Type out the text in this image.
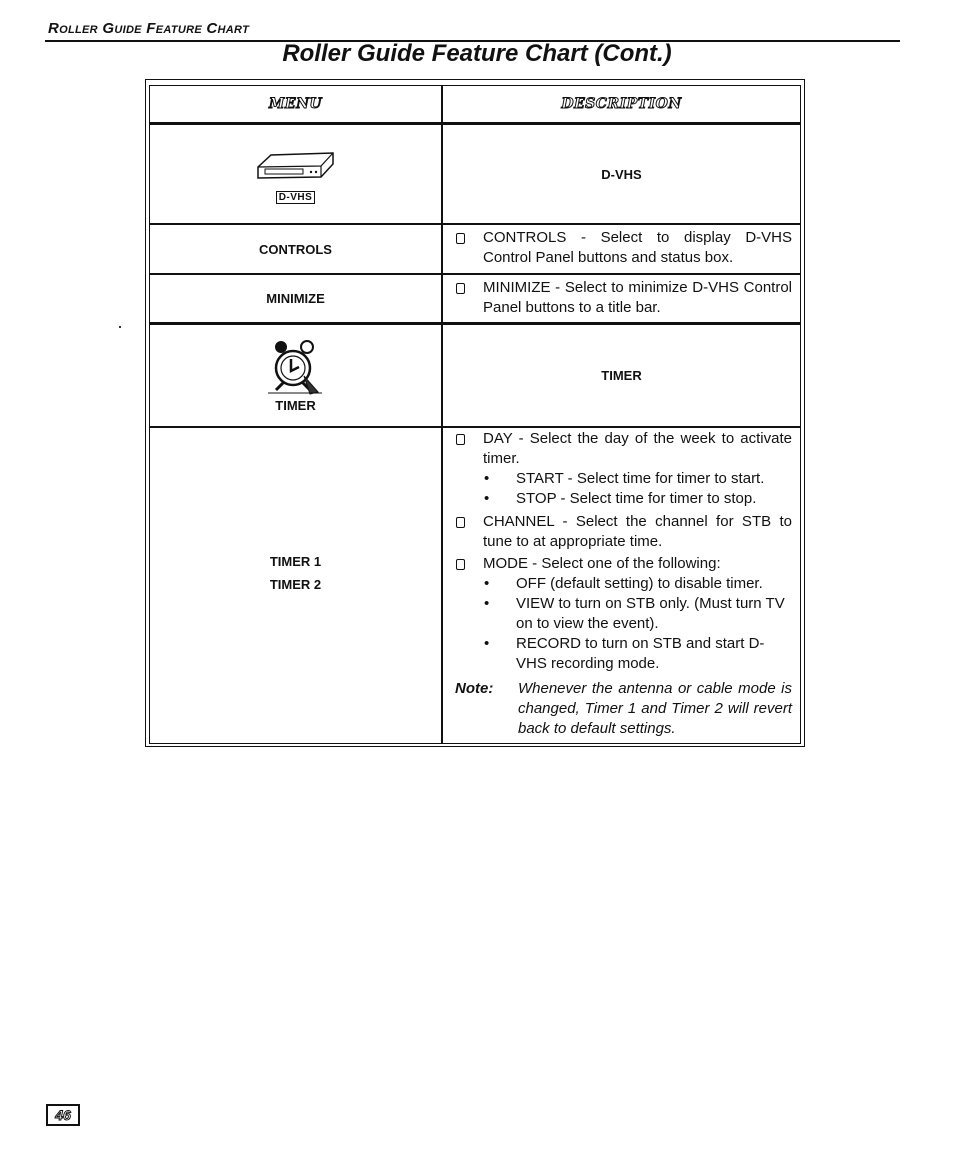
Roller Guide Feature Chart
Roller Guide Feature Chart (Cont.)
MENU	DESCRIPTION
D-VHS
D-VHS
CONTROLS
CONTROLS - Select to display D-VHS Control Panel buttons and status box.
MINIMIZE
MINIMIZE - Select to minimize D-VHS Control Panel buttons to a title bar.
TIMER
TIMER
TIMER 1
TIMER 2
DAY - Select the day of the week to activate timer.
• START - Select time for timer to start.
• STOP - Select time for timer to stop.
CHANNEL - Select the channel for STB to tune to at appropriate time.
MODE - Select one of the following:
• OFF (default setting) to disable timer.
• VIEW to turn on STB only. (Must turn TV on to view the event).
• RECORD to turn on STB and start D-VHS recording mode.
Note:	Whenever the antenna or cable mode is changed, Timer 1 and Timer 2 will revert back to default settings.
46
